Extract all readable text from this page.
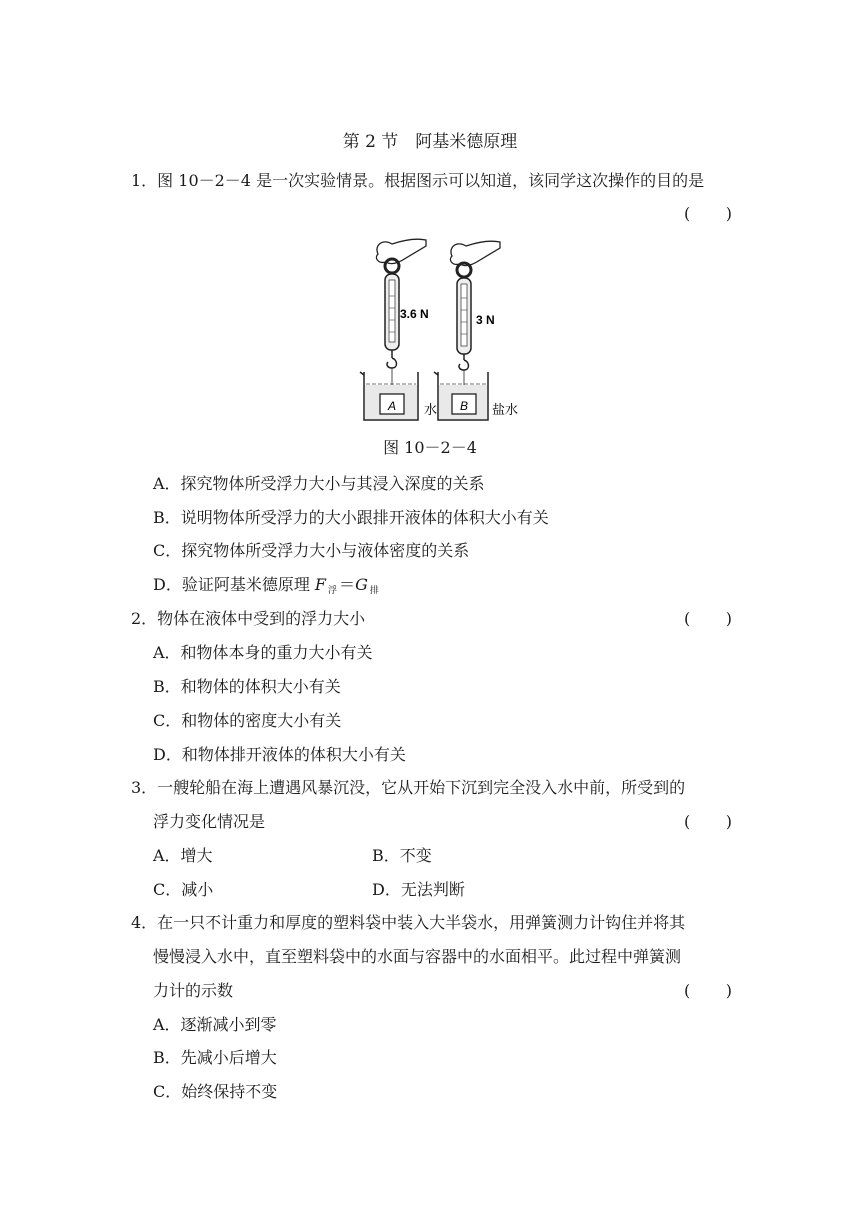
第 2 节　阿基米德原理
1．图 10－2－4 是一次实验情景。根据图示可以知道，该同学这次操作的目的是
( )
A
3.6 N
水 B
3 N
盐水
图 10－2－4
A．探究物体所受浮力大小与其浸入深度的关系
B．说明物体所受浮力的大小跟排开液体的体积大小有关
C．探究物体所受浮力大小与液体密度的关系
D．验证阿基米德原理 F $_浮$ ＝G $_排$
2．物体在液体中受到的浮力大小	( )
A．和物体本身的重力大小有关
B．和物体的体积大小有关
C．和物体的密度大小有关
D．和物体排开液体的体积大小有关
3．一艘轮船在海上遭遇风暴沉没，它从开始下沉到完全没入水中前，所受到的
浮力变化情况是	( )
A．增大	B．不变
C．减小	D．无法判断
4．在一只不计重力和厚度的塑料袋中装入大半袋水，用弹簧测力计钩住并将其
慢慢浸入水中，直至塑料袋中的水面与容器中的水面相平。此过程中弹簧测
力计的示数	( )
A．逐渐减小到零
B．先减小后增大
C．始终保持不变
